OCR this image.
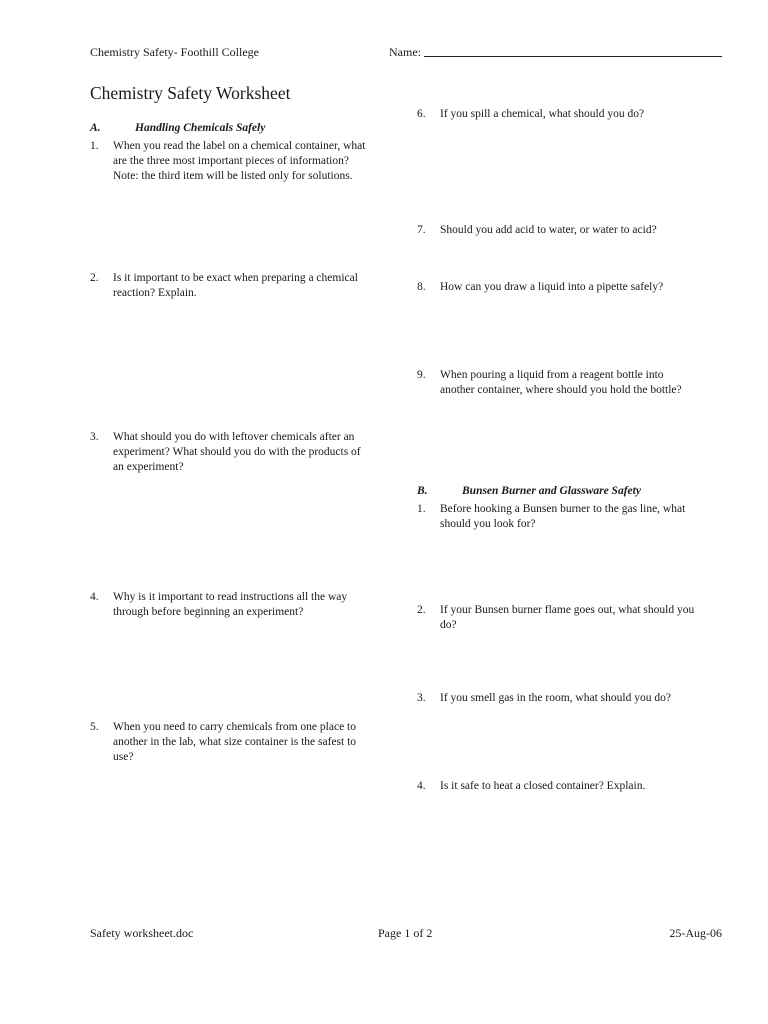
Chemistry Safety- Foothill College	Name:
Chemistry Safety Worksheet
A.	Handling Chemicals Safely
1. When you read the label on a chemical container, what
are the three most important pieces of information?
Note: the third item will be listed only for solutions.
2. Is it important to be exact when preparing a chemical
reaction? Explain.
3. What should you do with leftover chemicals after an
experiment? What should you do with the products of
an experiment?
4. Why is it important to read instructions all the way
through before beginning an experiment?
5. When you need to carry chemicals from one place to
another in the lab, what size container is the safest to
use?
6. If you spill a chemical, what should you do?
7. Should you add acid to water, or water to acid?
8. How can you draw a liquid into a pipette safely?
9. When pouring a liquid from a reagent bottle into
another container, where should you hold the bottle?
B.	Bunsen Burner and Glassware Safety
1. Before hooking a Bunsen burner to the gas line, what
should you look for?
2. If your Bunsen burner flame goes out, what should you
do?
3. If you smell gas in the room, what should you do?
4. Is it safe to heat a closed container? Explain.
Safety worksheet.doc	Page 1 of 2	25-Aug-06
